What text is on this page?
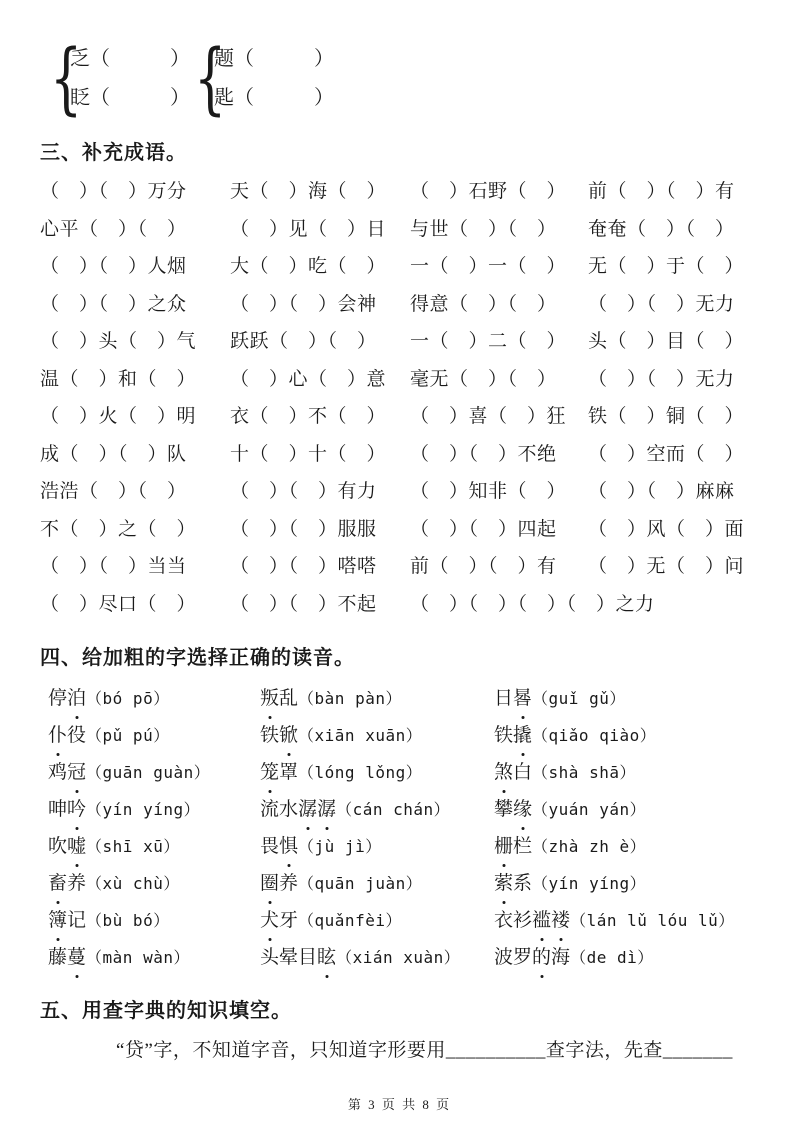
{
乏（　　　）
眨（　　　） {
题（　　　）
匙（　　　）
三、补充成语。
（　）（　）万分	天（　）海（　）	（　）石野（　）	前（　）（　）有
心平（　）（　）	（　）见（　）日	与世（　）（　）	奄奄（　）（　）
（　）（　）人烟	大（　）吃（　）	一（　）一（　）	无（　）于（　）
（　）（　）之众	（　）（　）会神	得意（　）（　）	（　）（　）无力
（　）头（　）气	跃跃（　）（　）	一（　）二（　）	头（　）目（　）
温（　）和（　）	（　）心（　）意	毫无（　）（　）	（　）（　）无力
（　）火（　）明	衣（　）不（　）	（　）喜（　）狂	铁（　）铜（　）
成（　）（　）队	十（　）十（　）	（　）（　）不绝	（　）空而（　）
浩浩（　）（　）	（　）（　）有力	（　）知非（　）	（　）（　）麻麻
不（　）之（　）	（　）（　）服服	（　）（　）四起	（　）风（　）面
（　）（　）当当	（　）（　）嗒嗒	前（　）（　）有	（　）无（　）问
（　）尽口（　）	（　）（　）不起	（　）（　）（　）（　）之力
四、给加粗的字选择正确的读音。
停泊（bó pō）	叛乱（bàn pàn）	日晷（guǐ gǔ）
仆役（pǔ pú）	铁锨（xiān xuān）	铁撬（qiǎo qiào）
鸡冠（guān guàn）	笼罩（lóng lǒng）	煞白（shà shā）
呻吟（yín yíng）	流水潺潺（cán chán）	攀缘（yuán yán）
吹嘘（shī xū）	畏惧（jù jì）	栅栏（zhà zh è）
畜养（xù chù）	圈养（quān juàn）	萦系（yín yíng）
簿记（bù bó）	犬牙（quǎnfèi）	衣衫褴褛（lán lǔ lóu lǔ）
藤蔓（màn wàn）	头晕目眩（xián xuàn）	波罗的海（de dì）
五、用查字典的知识填空。
“贷”字，不知道字音，只知道字形要用__________查字法，先查_______
第 3 页 共 8 页
